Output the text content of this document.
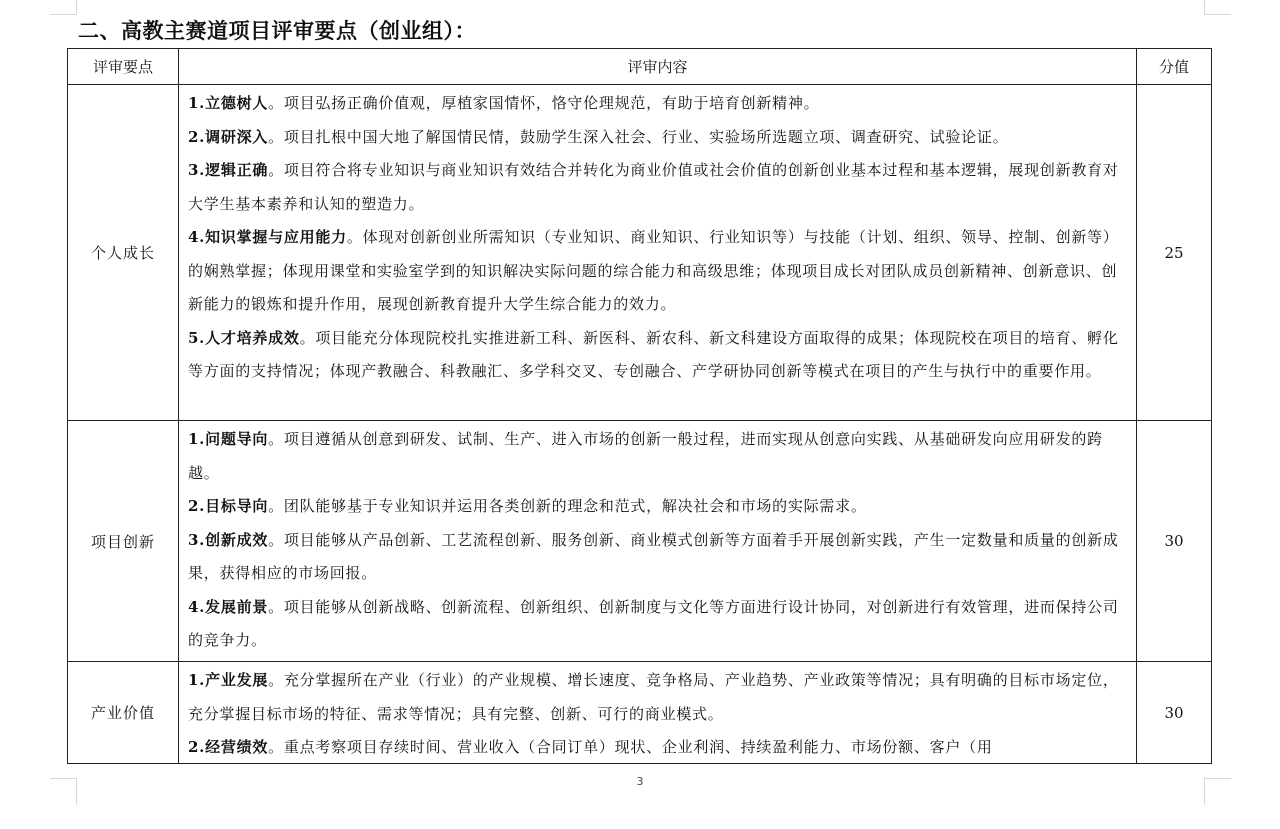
二、高教主赛道项目评审要点（创业组）：
评审要点	评审内容	分值
个人成长	1.立德树人。项目弘扬正确价值观，厚植家国情怀，恪守伦理规范，有助于培育创新精神。
2.调研深入。项目扎根中国大地了解国情民情，鼓励学生深入社会、行业、实验场所选题立项、调查研究、试验论证。
3.逻辑正确。项目符合将专业知识与商业知识有效结合并转化为商业价值或社会价值的创新创业基本过程和基本逻辑，展现创新教育对大学生基本素养和认知的塑造力。
4.知识掌握与应用能力。体现对创新创业所需知识（专业知识、商业知识、行业知识等）与技能（计划、组织、领导、控制、创新等）的娴熟掌握；体现用课堂和实验室学到的知识解决实际问题的综合能力和高级思维；体现项目成长对团队成员创新精神、创新意识、创新能力的锻炼和提升作用，展现创新教育提升大学生综合能力的效力。
5.人才培养成效。项目能充分体现院校扎实推进新工科、新医科、新农科、新文科建设方面取得的成果；体现院校在项目的培育、孵化等方面的支持情况；体现产教融合、科教融汇、多学科交叉、专创融合、产学研协同创新等模式在项目的产生与执行中的重要作用。	25
项目创新	1.问题导向。项目遵循从创意到研发、试制、生产、进入市场的创新一般过程，进而实现从创意向实践、从基础研发向应用研发的跨越。
2.目标导向。团队能够基于专业知识并运用各类创新的理念和范式，解决社会和市场的实际需求。
3.创新成效。项目能够从产品创新、工艺流程创新、服务创新、商业模式创新等方面着手开展创新实践，产生一定数量和质量的创新成果，获得相应的市场回报。
4.发展前景。项目能够从创新战略、创新流程、创新组织、创新制度与文化等方面进行设计协同，对创新进行有效管理，进而保持公司的竞争力。	30
产业价值	1.产业发展。充分掌握所在产业（行业）的产业规模、增长速度、竞争格局、产业趋势、产业政策等情况；具有明确的目标市场定位，充分掌握目标市场的特征、需求等情况；具有完整、创新、可行的商业模式。
2.经营绩效。重点考察项目存续时间、营业收入（合同订单）现状、企业利润、持续盈利能力、市场份额、客户（用	30
3
